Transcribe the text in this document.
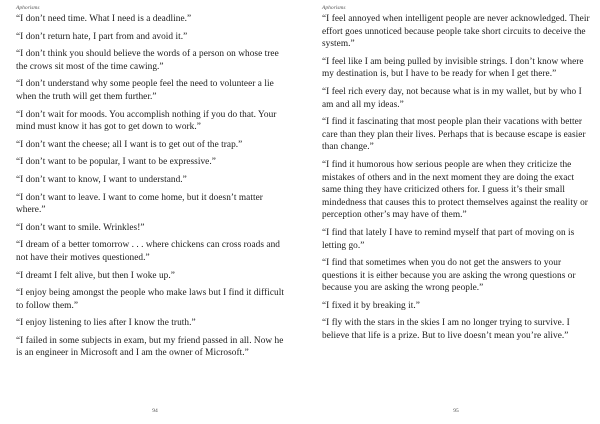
Aphorisms

“I don’t need time. What I need is a deadline.”

“I don’t return hate, I part from and avoid it.”

“I don’t think you should believe the words of a person on whose tree the crows sit most of the time cawing.”

“I don’t understand why some people feel the need to volunteer a lie when the truth will get them further.”

“I don’t wait for moods. You accomplish nothing if you do that. Your mind must know it has got to get down to work.”

“I don’t want the cheese; all I want is to get out of the trap.”

“I don’t want to be popular, I want to be expressive.”

“I don’t want to know, I want to understand.”

“I don’t want to leave. I want to come home, but it doesn’t matter where.”

“I don’t want to smile. Wrinkles!”

“I dream of a better tomorrow . . . where chickens can cross roads and not have their motives questioned.”

“I dreamt I felt alive, but then I woke up.”

“I enjoy being amongst the people who make laws but I find it difficult to follow them.”

“I enjoy listening to lies after I know the truth.”

“I failed in some subjects in exam, but my friend passed in all. Now he is an engineer in Microsoft and I am the owner of Microsoft.”

94
Aphorisms

“I feel annoyed when intelligent people are never acknowledged. Their effort goes unnoticed because people take short circuits to deceive the system.”

“I feel like I am being pulled by invisible strings. I don’t know where my destination is, but I have to be ready for when I get there.”

“I feel rich every day, not because what is in my wallet, but by who I am and all my ideas.”

“I find it fascinating that most people plan their vacations with better care than they plan their lives. Perhaps that is because escape is easier than change.”

“I find it humorous how serious people are when they criticize the mistakes of others and in the next moment they are doing the exact same thing they have criticized others for. I guess it’s their small mindedness that causes this to protect themselves against the reality or perception other’s may have of them.”

“I find that lately I have to remind myself that part of moving on is letting go.”

“I find that sometimes when you do not get the answers to your questions it is either because you are asking the wrong questions or because you are asking the wrong people.”

“I fixed it by breaking it.”

“I fly with the stars in the skies I am no longer trying to survive. I believe that life is a prize. But to live doesn’t mean you’re alive.”

95
